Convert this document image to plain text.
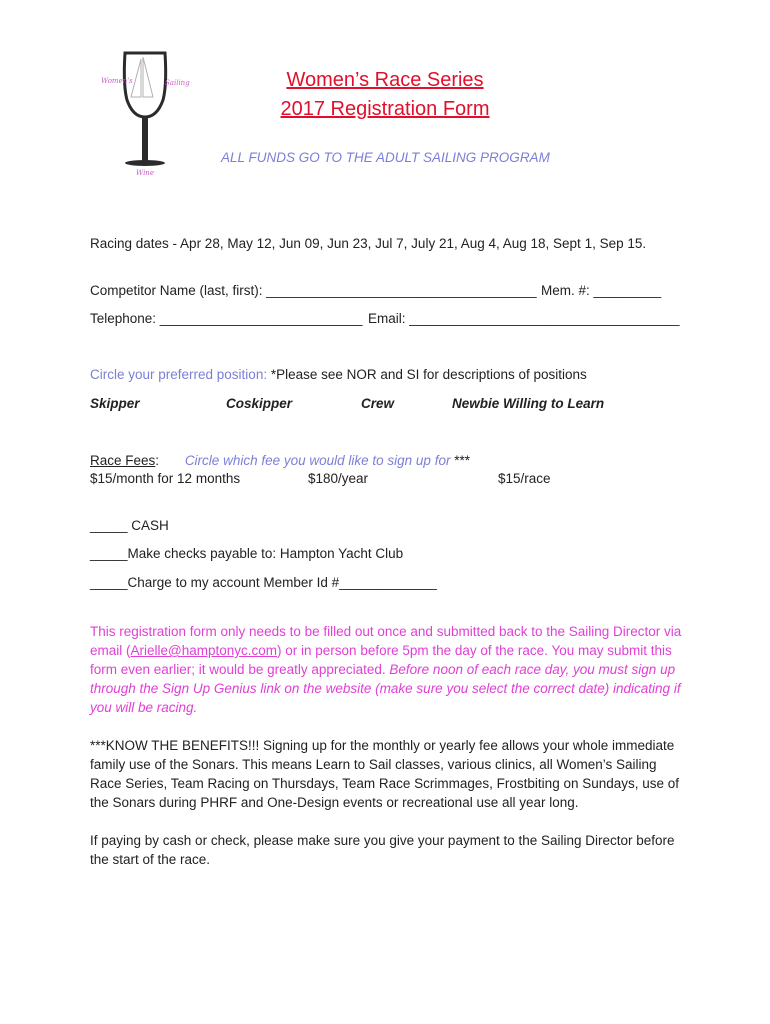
Women's	Sailing
Wine
Women’s Race Series
2017 Registration Form
ALL FUNDS GO TO THE ADULT SAILING PROGRAM
Racing dates - Apr 28, May 12, Jun 09, Jun 23, Jul 7, July 21, Aug 4, Aug 18, Sept 1, Sep 15.
Competitor Name (last, first): ____________________________________ Mem. #: _________
Telephone: ___________________________ Email: ____________________________________
Circle your preferred position: *Please see NOR and SI for descriptions of positions
Skipper	Coskipper	Crew	Newbie Willing to Learn
Race Fees: Circle which fee you would like to sign up for ***
$15/month for 12 months	$180/year	$15/race
_____ CASH
_____Make checks payable to: Hampton Yacht Club
_____Charge to my account Member Id #_____________
This registration form only needs to be filled out once and submitted back to the Sailing Director via email (Arielle@hamptonyc.com) or in person before 5pm the day of the race. You may submit this form even earlier; it would be greatly appreciated. Before noon of each race day, you must sign up through the Sign Up Genius link on the website (make sure you select the correct date) indicating if you will be racing.
***KNOW THE BENEFITS!!! Signing up for the monthly or yearly fee allows your whole immediate family use of the Sonars. This means Learn to Sail classes, various clinics, all Women’s Sailing Race Series, Team Racing on Thursdays, Team Race Scrimmages, Frostbiting on Sundays, use of the Sonars during PHRF and One-Design events or recreational use all year long.
If paying by cash or check, please make sure you give your payment to the Sailing Director before the start of the race.
